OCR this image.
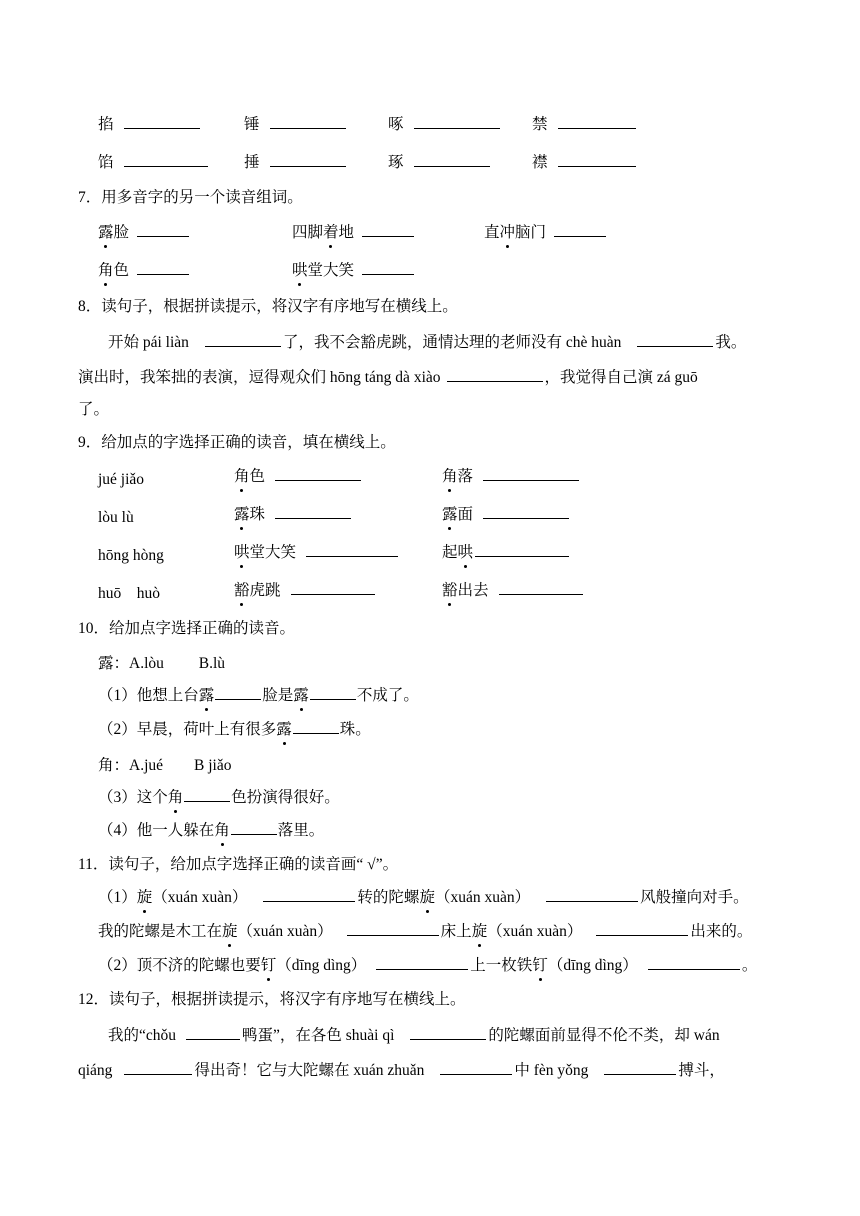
掐	锤	啄	禁
馅	捶	琢	襟
7．用多音字的另一个读音组词。
露脸	四脚着地	直冲脑门
角色	哄堂大笑
8．读句子，根据拼读提示，将汉字有序地写在横线上。
开始 pái liàn	了，我不会豁虎跳，通情达理的老师没有 chè huàn	我。
演出时，我笨拙的表演，逗得观众们 hōng táng dà xiào	，我觉得自己演 zá guō
了。
9．给加点的字选择正确的读音，填在横线上。
jué jiǎo	角色	角落
lòu lù	露珠	露面
hōng hòng	哄堂大笑	起哄
huō　huò	豁虎跳	豁出去
10．给加点字选择正确的读音。
露：A.lòu　　 B.lù
（1）他想上台露	脸是露	不成了。
（2）早晨，荷叶上有很多露	珠。
角：A.jué　　B jiǎo
（3）这个角	色扮演得很好。
（4）他一人躲在角	落里。
11．读句子，给加点字选择正确的读音画“ √”。
（1）旋（xuán xuàn）	转的陀螺旋（xuán xuàn）	风般撞向对手。
我的陀螺是木工在旋（xuán xuàn）	床上旋（xuán xuàn）	出来的。
（2）顶不济的陀螺也要钉（dīng dìng）	上一枚铁钉（dīng dìng）	。
12．读句子，根据拼读提示，将汉字有序地写在横线上。
我的“chǒu	鸭蛋”，在各色 shuài qì	的陀螺面前显得不伦不类，却 wán
qiáng	得出奇！它与大陀螺在 xuán zhuǎn	中 fèn yǒng	搏斗，
